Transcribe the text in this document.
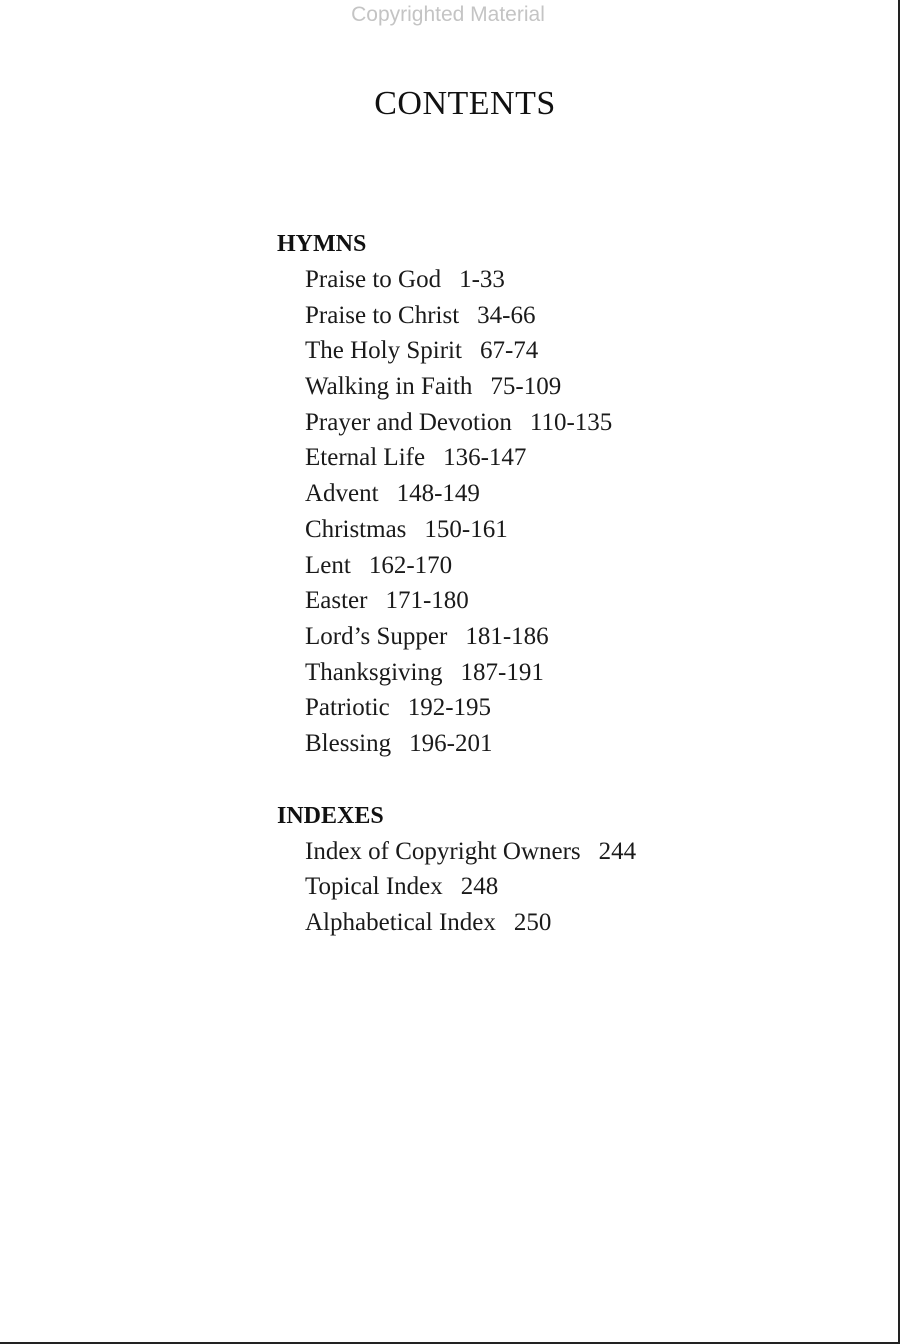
Copyrighted Material
CONTENTS
HYMNS
Praise to God 1-33
Praise to Christ 34-66
The Holy Spirit 67-74
Walking in Faith 75-109
Prayer and Devotion 110-135
Eternal Life 136-147
Advent 148-149
Christmas 150-161
Lent 162-170
Easter 171-180
Lord’s Supper 181-186
Thanksgiving 187-191
Patriotic 192-195
Blessing 196-201
INDEXES
Index of Copyright Owners 244
Topical Index 248
Alphabetical Index 250
